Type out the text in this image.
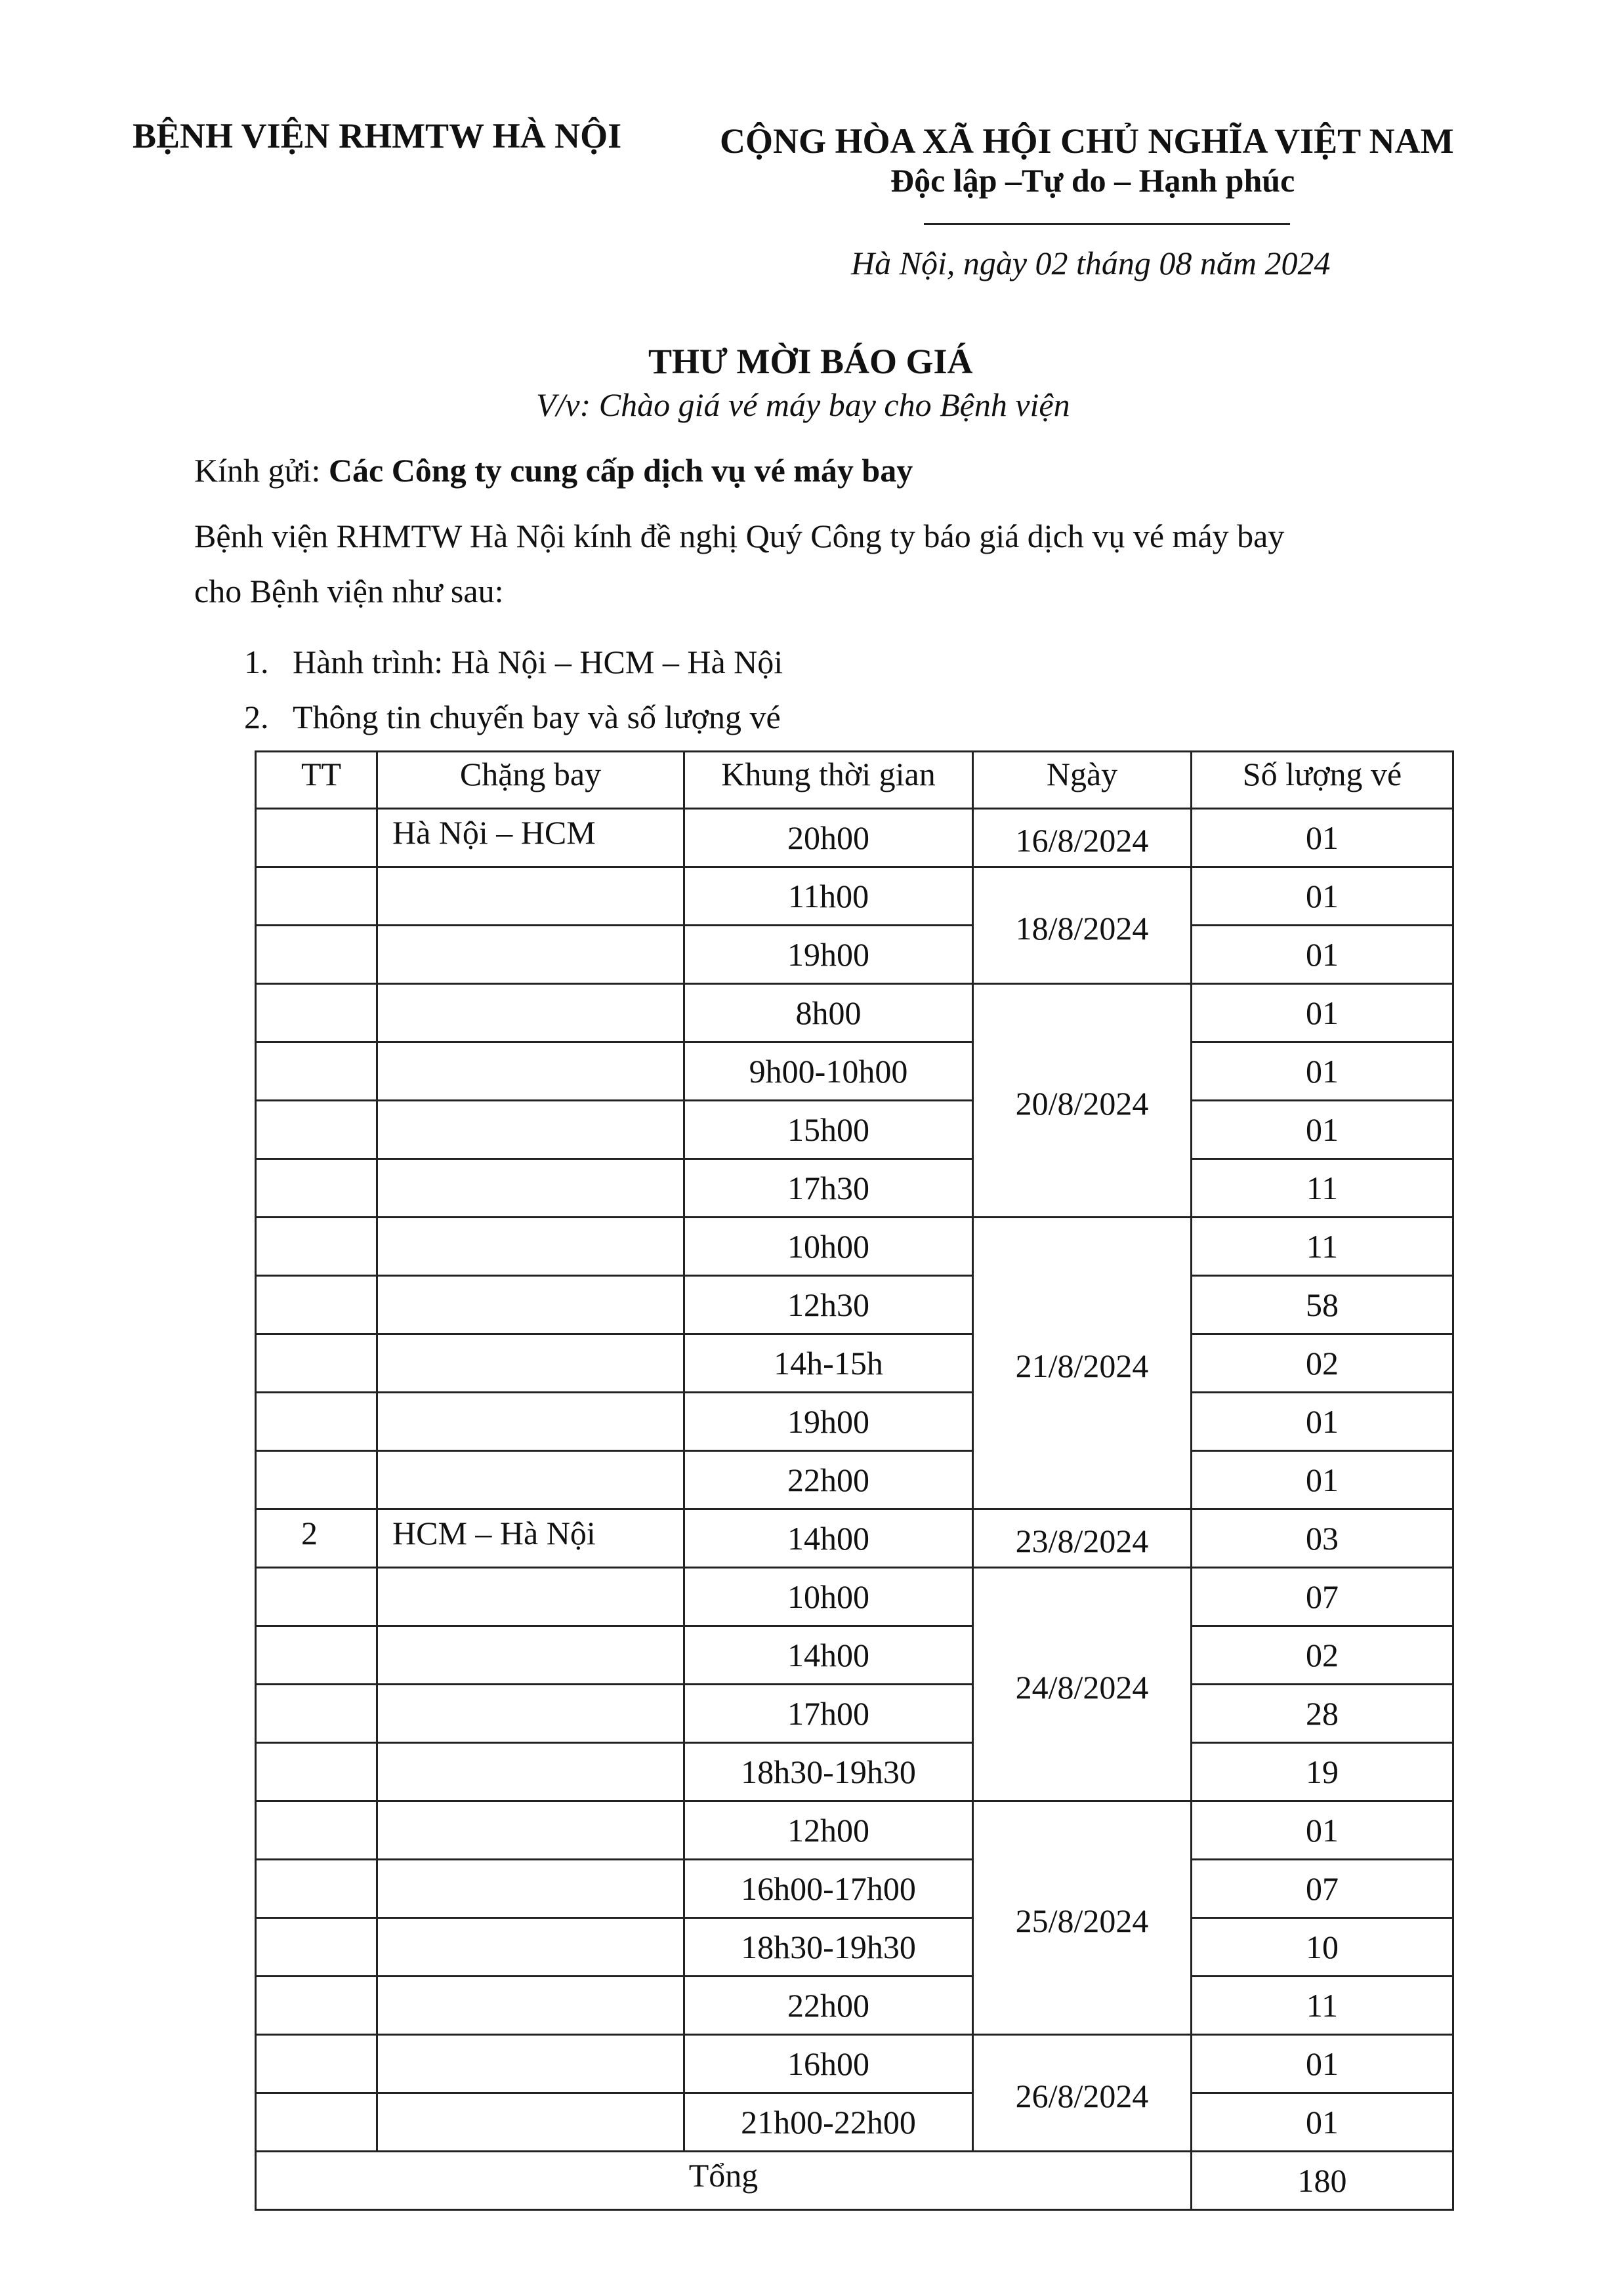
BỆNH VIỆN RHMTW HÀ NỘI	CỘNG HÒA XÃ HỘI CHỦ NGHĨA VIỆT NAM
Độc lập –Tự do – Hạnh phúc
Hà Nội, ngày 02 tháng 08 năm 2024
THƯ MỜI BÁO GIÁ
V/v: Chào giá vé máy bay cho Bệnh viện
Kính gửi: Các Công ty cung cấp dịch vụ vé máy bay
Bệnh viện RHMTW Hà Nội kính đề nghị Quý Công ty báo giá dịch vụ vé máy bay
cho Bệnh viện như sau:
1. Hành trình: Hà Nội – HCM – Hà Nội
2. Thông tin chuyến bay và số lượng vé
TT	Chặng bay	Khung thời gian	Ngày	Số lượng vé
	Hà Nội – HCM	20h00	16/8/2024	01
		11h00	18/8/2024	01
		19h00		01
		8h00	20/8/2024	01
		9h00-10h00		01
		15h00		01
		17h30		11
		10h00	21/8/2024	11
		12h30		58
		14h-15h		02
		19h00		01
		22h00		01
2	HCM – Hà Nội	14h00	23/8/2024	03
		10h00	24/8/2024	07
		14h00		02
		17h00		28
		18h30-19h30		19
		12h00	25/8/2024	01
		16h00-17h00		07
		18h30-19h30		10
		22h00		11
		16h00	26/8/2024	01
		21h00-22h00		01
Tổng				180
